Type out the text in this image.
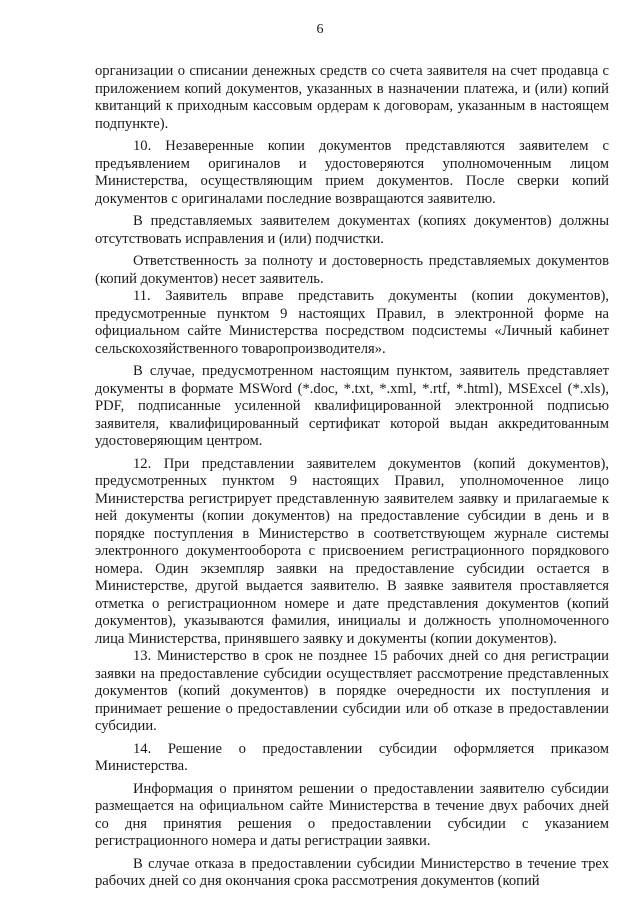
6

организации о списании денежных средств со счета заявителя на счет продавца с приложением копий документов, указанных в назначении платежа, и (или) копий квитанций к приходным кассовым ордерам к договорам, указанным в настоящем подпункте).

10. Незаверенные копии документов представляются заявителем с предъявлением оригиналов и удостоверяются уполномоченным лицом Министерства, осуществляющим прием документов. После сверки копий документов с оригиналами последние возвращаются заявителю.

В представляемых заявителем документах (копиях документов) должны отсутствовать исправления и (или) подчистки.

Ответственность за полноту и достоверность представляемых документов (копий документов) несет заявитель.

11. Заявитель вправе представить документы (копии документов), предусмотренные пунктом 9 настоящих Правил, в электронной форме на официальном сайте Министерства посредством подсистемы «Личный кабинет сельскохозяйственного товаропроизводителя».

В случае, предусмотренном настоящим пунктом, заявитель представляет документы в формате MSWord (*.doc, *.txt, *.xml, *.rtf, *.html), MSExcel (*.xls), PDF, подписанные усиленной квалифицированной электронной подписью заявителя, квалифицированный сертификат которой выдан аккредитованным удостоверяющим центром.

12. При представлении заявителем документов (копий документов), предусмотренных пунктом 9 настоящих Правил, уполномоченное лицо Министерства регистрирует представленную заявителем заявку и прилагаемые к ней документы (копии документов) на предоставление субсидии в день и в порядке поступления в Министерство в соответствующем журнале системы электронного документооборота с присвоением регистрационного порядкового номера. Один экземпляр заявки на предоставление субсидии остается в Министерстве, другой выдается заявителю. В заявке заявителя проставляется отметка о регистрационном номере и дате представления документов (копий документов), указываются фамилия, инициалы и должность уполномоченного лица Министерства, принявшего заявку и документы (копии документов).

13. Министерство в срок не позднее 15 рабочих дней со дня регистрации заявки на предоставление субсидии осуществляет рассмотрение представленных документов (копий документов) в порядке очередности их поступления и принимает решение о предоставлении субсидии или об отказе в предоставлении субсидии.

14. Решение о предоставлении субсидии оформляется приказом Министерства.

Информация о принятом решении о предоставлении заявителю субсидии размещается на официальном сайте Министерства в течение двух рабочих дней со дня принятия решения о предоставлении субсидии с указанием регистрационного номера и даты регистрации заявки.

В случае отказа в предоставлении субсидии Министерство в течение трех рабочих дней со дня окончания срока рассмотрения документов (копий
